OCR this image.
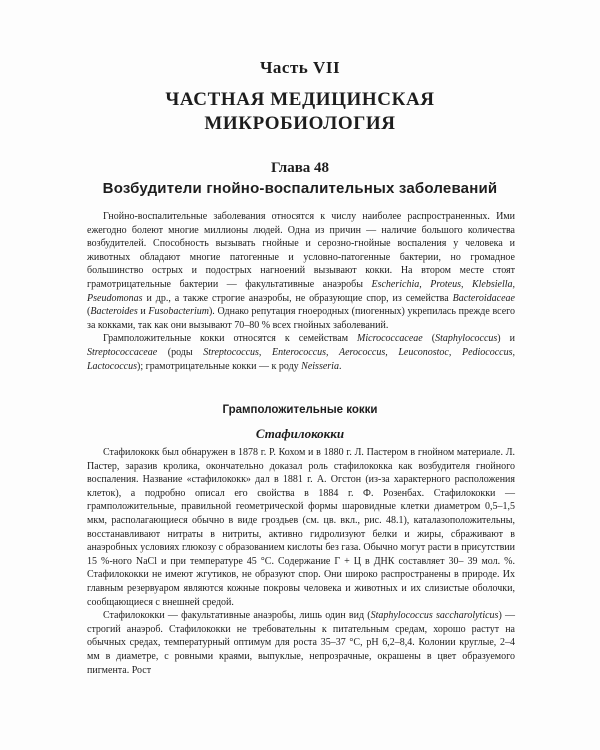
Часть VII
ЧАСТНАЯ МЕДИЦИНСКАЯ
МИКРОБИОЛОГИЯ
Глава 48
Возбудители гнойно-воспалительных заболеваний

Гнойно-воспалительные заболевания относятся к числу наиболее распространенных. Ими ежегодно болеют многие миллионы людей. Одна из причин — наличие большого количества возбудителей. Способность вызывать гнойные и серозно-гнойные воспаления у человека и животных обладают многие патогенные и условно-патогенные бактерии, но громадное большинство острых и подострых нагноений вызывают кокки. На втором месте стоят грамотрицательные бактерии — факультативные анаэробы Escherichia, Proteus, Klebsiella, Pseudomonas и др., а также строгие анаэробы, не образующие спор, из семейства Bacteroidaceae (Bacteroides и Fusobacterium). Однако репутация гноеродных (пиогенных) укрепилась прежде всего за кокками, так как они вызывают 70–80 % всех гнойных заболеваний.

Грамположительные кокки относятся к семействам Micrococcaceae (Staphylococcus) и Streptococcaceae (роды Streptococcus, Enterococcus, Aerococcus, Leuconostoc, Pediococcus, Lactococcus); грамотрицательные кокки — к роду Neisseria.

Грамположительные кокки
Стафилококки

Стафилококк был обнаружен в 1878 г. Р. Кохом и в 1880 г. Л. Пастером в гнойном материале. Л. Пастер, заразив кролика, окончательно доказал роль стафилококка как возбудителя гнойного воспаления. Название «стафилококк» дал в 1881 г. А. Огстон (из-за характерного расположения клеток), а подробно описал его свойства в 1884 г. Ф. Розенбах. Стафилококки — грамположительные, правильной геометрической формы шаровидные клетки диаметром 0,5–1,5 мкм, располагающиеся обычно в виде гроздьев (см. цв. вкл., рис. 48.1), каталазоположительны, восстанавливают нитраты в нитриты, активно гидролизуют белки и жиры, сбраживают в анаэробных условиях глюкозу с образованием кислоты без газа. Обычно могут расти в присутствии 15 %-ного NaCl и при температуре 45 °С. Содержание Г + Ц в ДНК составляет 30– 39 мол. %. Стафилококки не имеют жгутиков, не образуют спор. Они широко распространены в природе. Их главным резервуаром являются кожные покровы человека и животных и их слизистые оболочки, сообщающиеся с внешней средой.

Стафилококки — факультативные анаэробы, лишь один вид (Staphylococcus saccharolyticus) — строгий анаэроб. Стафилококки не требовательны к питательным средам, хорошо растут на обычных средах, температурный оптимум для роста 35–37 °С, рН 6,2–8,4. Колонии круглые, 2–4 мм в диаметре, с ровными краями, выпуклые, непрозрачные, окрашены в цвет образуемого пигмента. Рост
